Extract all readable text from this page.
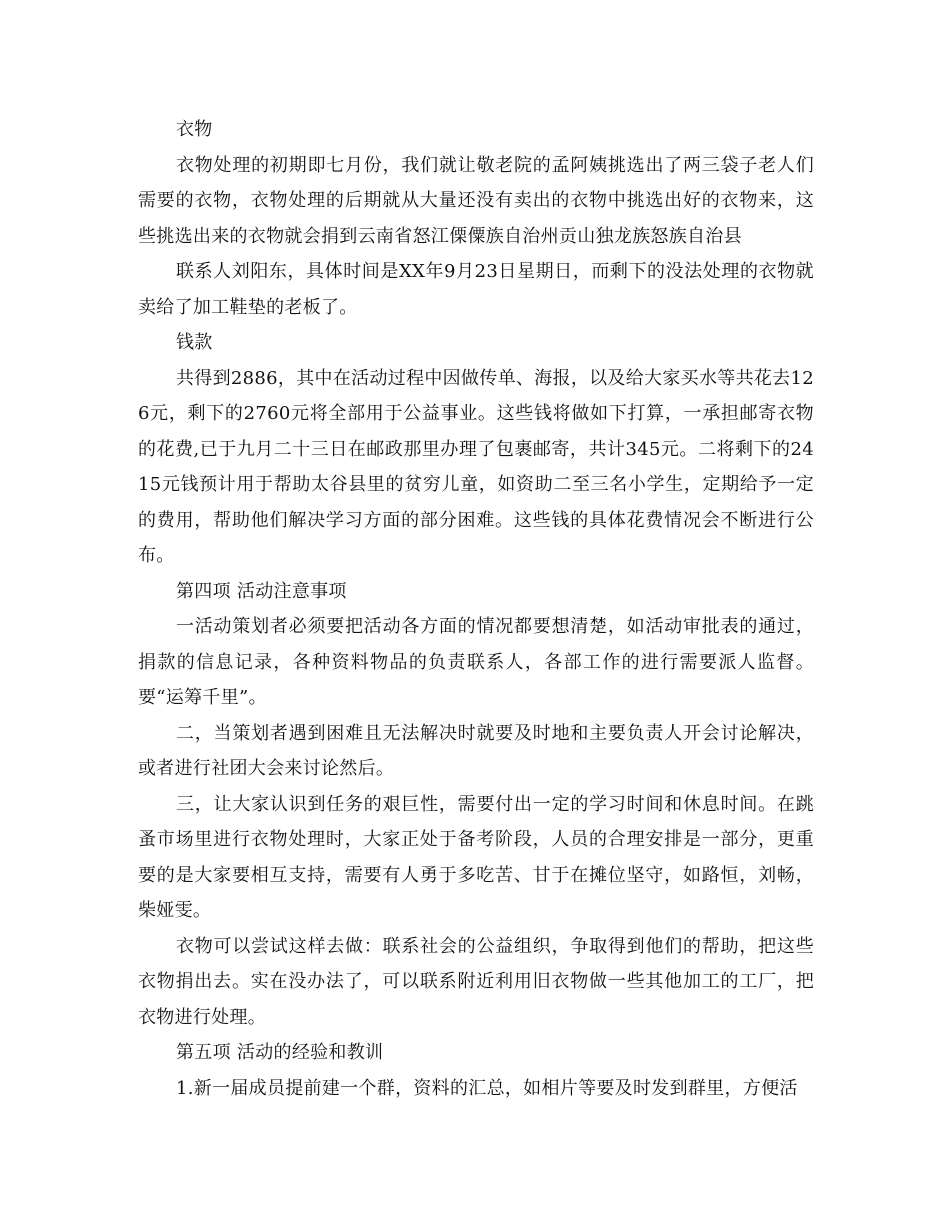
衣物

衣物处理的初期即七月份，我们就让敬老院的孟阿姨挑选出了两三袋子老人们需要的衣物，衣物处理的后期就从大量还没有卖出的衣物中挑选出好的衣物来，这些挑选出来的衣物就会捐到云南省怒江傈僳族自治州贡山独龙族怒族自治县

联系人刘阳东，具体时间是XX年9月23日星期日，而剩下的没法处理的衣物就卖给了加工鞋垫的老板了。

钱款

共得到2886，其中在活动过程中因做传单、海报，以及给大家买水等共花去126元，剩下的2760元将全部用于公益事业。这些钱将做如下打算，一承担邮寄衣物的花费,已于九月二十三日在邮政那里办理了包裹邮寄，共计345元。二将剩下的2415元钱预计用于帮助太谷县里的贫穷儿童，如资助二至三名小学生，定期给予一定的费用，帮助他们解决学习方面的部分困难。这些钱的具体花费情况会不断进行公布。

第四项 活动注意事项

一活动策划者必须要把活动各方面的情况都要想清楚，如活动审批表的通过，捐款的信息记录，各种资料物品的负责联系人，各部工作的进行需要派人监督。要“运筹千里”。

二，当策划者遇到困难且无法解决时就要及时地和主要负责人开会讨论解决，或者进行社团大会来讨论然后。

三，让大家认识到任务的艰巨性，需要付出一定的学习时间和休息时间。在跳蚤市场里进行衣物处理时，大家正处于备考阶段，人员的合理安排是一部分，更重要的是大家要相互支持，需要有人勇于多吃苦、甘于在摊位坚守，如路恒，刘畅，柴娅雯。

衣物可以尝试这样去做：联系社会的公益组织，争取得到他们的帮助，把这些衣物捐出去。实在没办法了，可以联系附近利用旧衣物做一些其他加工的工厂，把衣物进行处理。

第五项 活动的经验和教训

1.新一届成员提前建一个群，资料的汇总，如相片等要及时发到群里，方便活
